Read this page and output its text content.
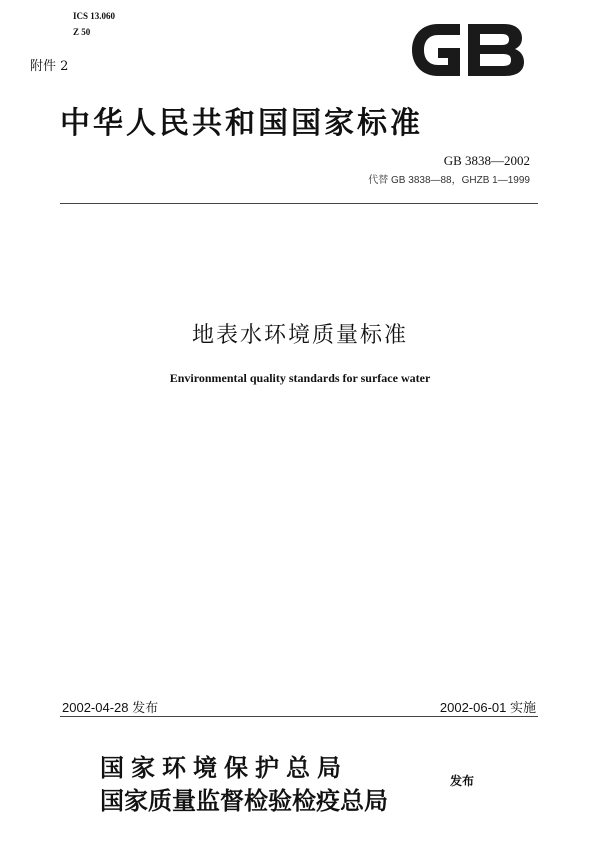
ICS 13.060
Z 50
附件 2
中华人民共和国国家标准
GB 3838—2002
代替 GB 3838—88，GHZB 1—1999
地表水环境质量标准
Environmental quality standards for surface water
2002-04-28 发布	2002-06-01 实施
国家环境保护总局
国家质量监督检验检疫总局
发布
